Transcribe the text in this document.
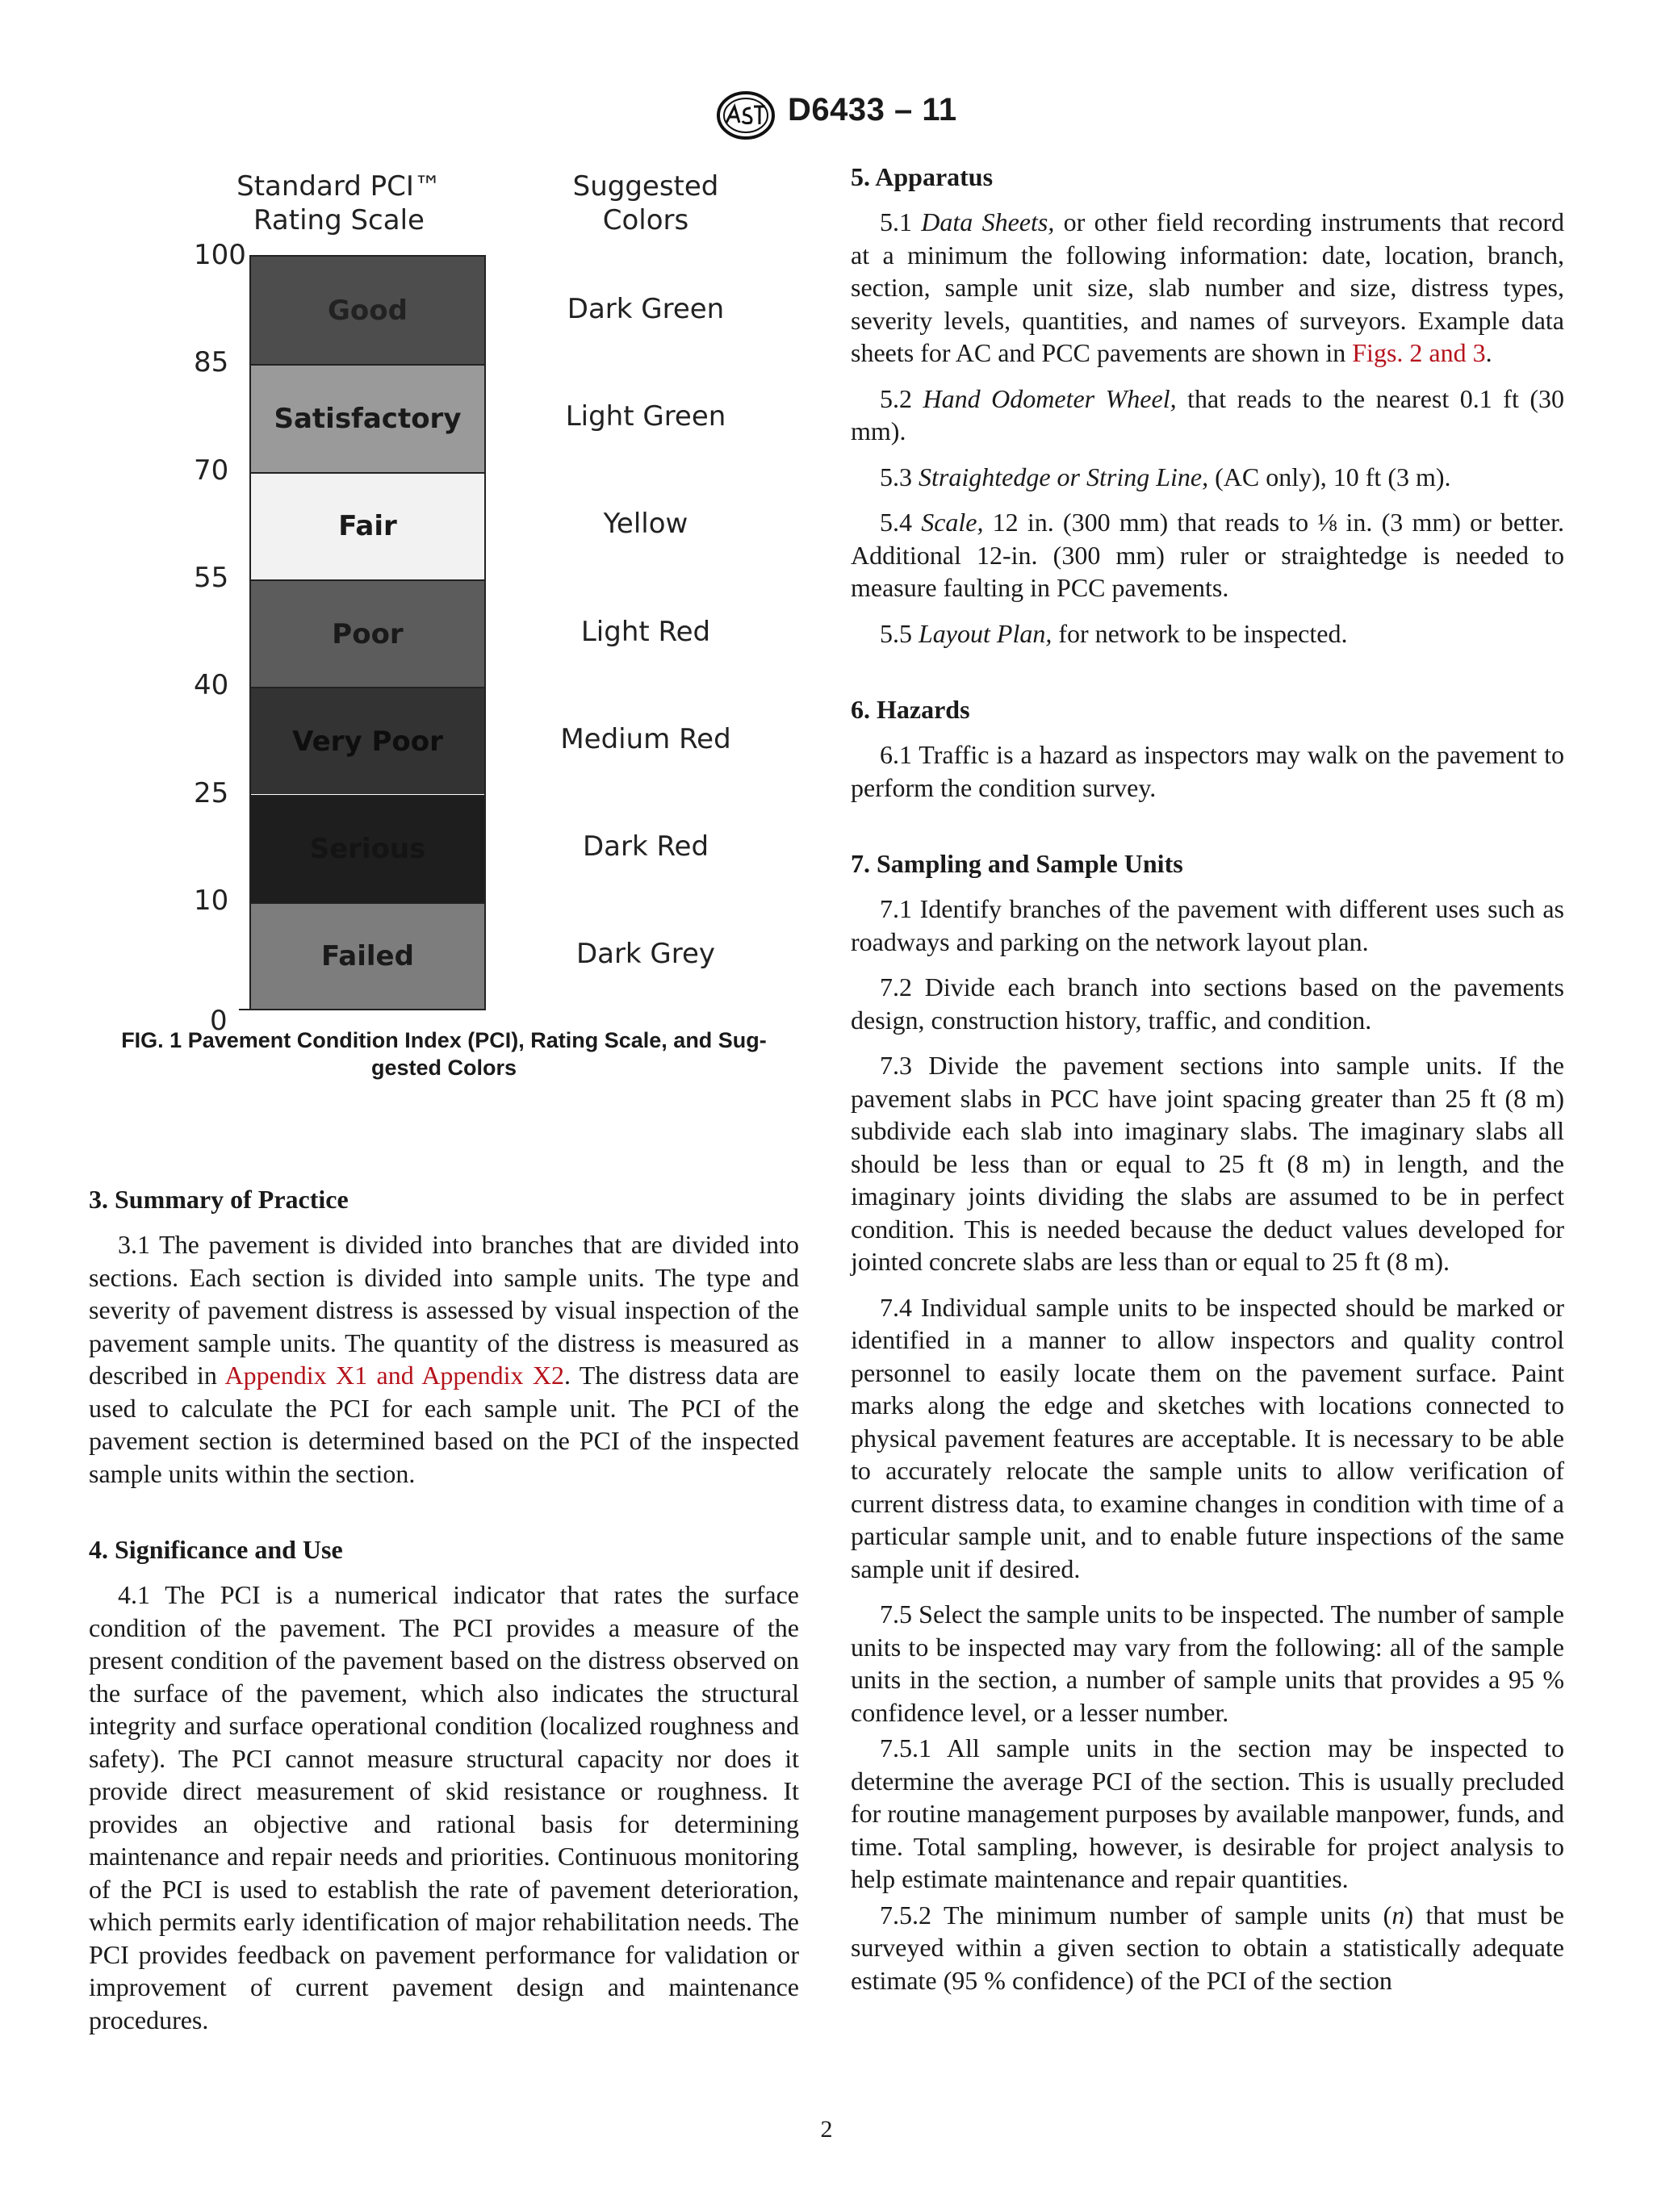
D6433 – 11
Standard PCI™
Rating Scale
Suggested
Colors
100
85
70
55
40
25
10
0
Good	Dark Green
Satisfactory	Light Green
Fair	Yellow
Poor	Light Red
Very Poor	Medium Red
Serious	Dark Red
Failed	Dark Grey
FIG. 1 Pavement Condition Index (PCI), Rating Scale, and Sug-
gested Colors
3. Summary of Practice

3.1 The pavement is divided into branches that are divided into sections. Each section is divided into sample units. The type and severity of pavement distress is assessed by visual inspection of the pavement sample units. The quantity of the distress is measured as described in Appendix X1 and Appendix X2. The distress data are used to calculate the PCI for each sample unit. The PCI of the pavement section is determined based on the PCI of the inspected sample units within the section.

4. Significance and Use

4.1 The PCI is a numerical indicator that rates the surface condition of the pavement. The PCI provides a measure of the present condition of the pavement based on the distress observed on the surface of the pavement, which also indicates the structural integrity and surface operational condition (localized roughness and safety). The PCI cannot measure structural capacity nor does it provide direct measurement of skid resistance or roughness. It provides an objective and rational basis for determining maintenance and repair needs and priorities. Continuous monitoring of the PCI is used to establish the rate of pavement deterioration, which permits early identification of major rehabilitation needs. The PCI provides feedback on pavement performance for validation or improvement of current pavement design and maintenance procedures.

5. Apparatus

5.1 Data Sheets, or other field recording instruments that record at a minimum the following information: date, location, branch, section, sample unit size, slab number and size, distress types, severity levels, quantities, and names of surveyors. Example data sheets for AC and PCC pavements are shown in Figs. 2 and 3.

5.2 Hand Odometer Wheel, that reads to the nearest 0.1 ft (30 mm).

5.3 Straightedge or String Line, (AC only), 10 ft (3 m).

5.4 Scale, 12 in. (300 mm) that reads to ⅛ in. (3 mm) or better. Additional 12-in. (300 mm) ruler or straightedge is needed to measure faulting in PCC pavements.

5.5 Layout Plan, for network to be inspected.

6. Hazards

6.1 Traffic is a hazard as inspectors may walk on the pavement to perform the condition survey.

7. Sampling and Sample Units

7.1 Identify branches of the pavement with different uses such as roadways and parking on the network layout plan.

7.2 Divide each branch into sections based on the pavements design, construction history, traffic, and condition.

7.3 Divide the pavement sections into sample units. If the pavement slabs in PCC have joint spacing greater than 25 ft (8 m) subdivide each slab into imaginary slabs. The imaginary slabs all should be less than or equal to 25 ft (8 m) in length, and the imaginary joints dividing the slabs are assumed to be in perfect condition. This is needed because the deduct values developed for jointed concrete slabs are less than or equal to 25 ft (8 m).

7.4 Individual sample units to be inspected should be marked or identified in a manner to allow inspectors and quality control personnel to easily locate them on the pavement surface. Paint marks along the edge and sketches with locations connected to physical pavement features are acceptable. It is necessary to be able to accurately relocate the sample units to allow verification of current distress data, to examine changes in condition with time of a particular sample unit, and to enable future inspections of the same sample unit if desired.

7.5 Select the sample units to be inspected. The number of sample units to be inspected may vary from the following: all of the sample units in the section, a number of sample units that provides a 95 % confidence level, or a lesser number.

7.5.1 All sample units in the section may be inspected to determine the average PCI of the section. This is usually precluded for routine management purposes by available manpower, funds, and time. Total sampling, however, is desirable for project analysis to help estimate maintenance and repair quantities.

7.5.2 The minimum number of sample units (n) that must be surveyed within a given section to obtain a statistically adequate estimate (95 % confidence) of the PCI of the section

2
